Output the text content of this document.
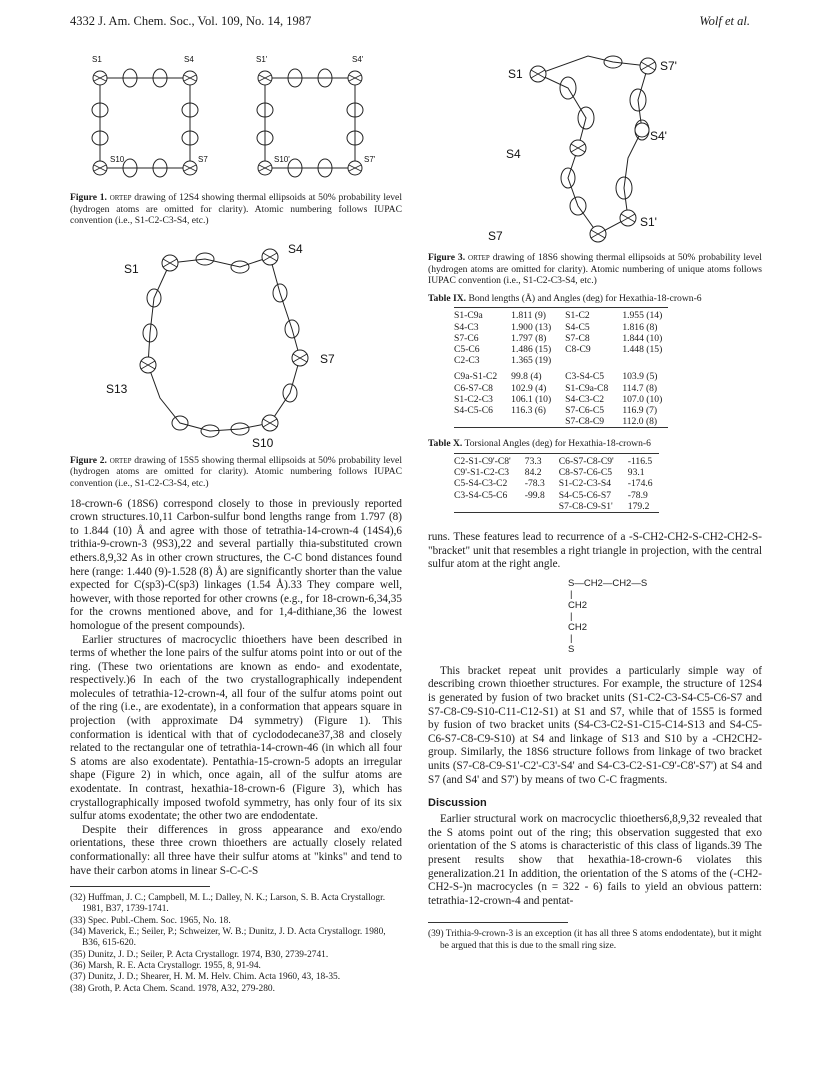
4332 J. Am. Chem. Soc., Vol. 109, No. 14, 1987	Wolf et al.
S1	S4	S1'	S4'
S10	S7	S10'	S7'

Figure 1. ortep drawing of 12S4 showing thermal ellipsoids at 50% probability level (hydrogen atoms are omitted for clarity). Atomic numbering follows IUPAC convention (i.e., S1-C2-C3-S4, etc.)

S1
S4
S7
S13
S10

Figure 2. ortep drawing of 15S5 showing thermal ellipsoids at 50% probability level (hydrogen atoms are omitted for clarity). Atomic numbering follows IUPAC convention (i.e., S1-C2-C3-S4, etc.)

18-crown-6 (18S6) correspond closely to those in previously reported crown structures.10,11 Carbon-sulfur bond lengths range from 1.797 (8) to 1.844 (10) Å and agree with those of tetrathia-14-crown-4 (14S4),6 trithia-9-crown-3 (9S3),22 and several partially thia-substituted crown ethers.8,9,32 As in other crown structures, the C-C bond distances found here (range: 1.440 (9)-1.528 (8) Å) are significantly shorter than the value expected for C(sp3)-C(sp3) linkages (1.54 Å).33 They compare well, however, with those reported for other crowns (e.g., for 18-crown-6,34,35 for the crowns mentioned above, and for 1,4-dithiane,36 the lowest homologue of the present compounds).

Earlier structures of macrocyclic thioethers have been described in terms of whether the lone pairs of the sulfur atoms point into or out of the ring. (These two orientations are known as endo- and exodentate, respectively.)6 In each of the two crystallographically independent molecules of tetrathia-12-crown-4, all four of the sulfur atoms point out of the ring (i.e., are exodentate), in a conformation that appears square in projection (with approximate D4 symmetry) (Figure 1). This conformation is identical with that of cyclododecane37,38 and closely related to the rectangular one of tetrathia-14-crown-46 (in which all four S atoms are also exodentate). Pentathia-15-crown-5 adopts an irregular shape (Figure 2) in which, once again, all of the sulfur atoms are exodentate. In contrast, hexathia-18-crown-6 (Figure 3), which has crystallographically imposed twofold symmetry, has only four of its six sulfur atoms exodentate; the other two are endodentate.

Despite their differences in gross appearance and exo/endo orientations, these three crown thioethers are actually closely related conformationally: all three have their sulfur atoms at "kinks" and tend to have their carbon atoms in linear S-C-C-S

(32) Huffman, J. C.; Campbell, M. L.; Dalley, N. K.; Larson, S. B. Acta Crystallogr. 1981, B37, 1739-1741.

(33) Spec. Publ.-Chem. Soc. 1965, No. 18.

(34) Maverick, E.; Seiler, P.; Schweizer, W. B.; Dunitz, J. D. Acta Crystallogr. 1980, B36, 615-620.

(35) Dunitz, J. D.; Seiler, P. Acta Crystallogr. 1974, B30, 2739-2741.

(36) Marsh, R. E. Acta Crystallogr. 1955, 8, 91-94.

(37) Dunitz, J. D.; Shearer, H. M. M. Helv. Chim. Acta 1960, 43, 18-35.

(38) Groth, P. Acta Chem. Scand. 1978, A32, 279-280.

S1
S7'
S4'
S4
S7
S1'

Figure 3. ortep drawing of 18S6 showing thermal ellipsoids at 50% probability level (hydrogen atoms are omitted for clarity). Atomic numbering of unique atoms follows IUPAC convention (i.e., S1-C2-C3-S4, etc.)

Table IX. Bond lengths (Å) and Angles (deg) for Hexathia-18-crown-6

S1-C9a	1.811 (9)	S1-C2	1.955 (14)
S4-C3	1.900 (13)	S4-C5	1.816 (8)
S7-C6	1.797 (8)	S7-C8	1.844 (10)
C5-C6	1.486 (15)	C8-C9	1.448 (15)
C2-C3	1.365 (19)		

C9a-S1-C2	99.8 (4)	C3-S4-C5	103.9 (5)
C6-S7-C8	102.9 (4)	S1-C9a-C8	114.7 (8)
S1-C2-C3	106.1 (10)	S4-C3-C2	107.0 (10)
S4-C5-C6	116.3 (6)	S7-C6-C5	116.9 (7)
		S7-C8-C9	112.0 (8)

Table X. Torsional Angles (deg) for Hexathia-18-crown-6

C2-S1-C9'-C8'	73.3	C6-S7-C8-C9'	-116.5
C9'-S1-C2-C3	84.2	C8-S7-C6-C5	93.1
C5-S4-C3-C2	-78.3	S1-C2-C3-S4	-174.6
C3-S4-C5-C6	-99.8	S4-C5-C6-S7	-78.9
		S7-C8-C9-S1'	179.2

runs. These features lead to recurrence of a -S-CH2-CH2-S-CH2-CH2-S- "bracket" unit that resembles a right triangle in projection, with the central sulfur atom at the right angle.

S—CH2—CH2—S
|
CH2
|
CH2
|
S

This bracket repeat unit provides a particularly simple way of describing crown thioether structures. For example, the structure of 12S4 is generated by fusion of two bracket units (S1-C2-C3-S4-C5-C6-S7 and S7-C8-C9-S10-C11-C12-S1) at S1 and S7, while that of 15S5 is formed by fusion of two bracket units (S4-C3-C2-S1-C15-C14-S13 and S4-C5-C6-S7-C8-C9-S10) at S4 and linkage of S13 and S10 by a -CH2CH2- group. Similarly, the 18S6 structure follows from linkage of two bracket units (S7-C8-C9-S1'-C2'-C3'-S4' and S4-C3-C2-S1-C9'-C8'-S7') at S4 and S7 (and S4' and S7') by means of two C-C fragments.

Discussion

Earlier structural work on macrocyclic thioethers6,8,9,32 revealed that the S atoms point out of the ring; this observation suggested that exo orientation of the S atoms is characteristic of this class of ligands.39 The present results show that hexathia-18-crown-6 violates this generalization.21 In addition, the orientation of the S atoms of the (-CH2-CH2-S-)n macrocycles (n = 322 - 6) fails to yield an obvious pattern: tetrathia-12-crown-4 and pentat-

(39) Trithia-9-crown-3 is an exception (it has all three S atoms endodentate), but it might be argued that this is due to the small ring size.
